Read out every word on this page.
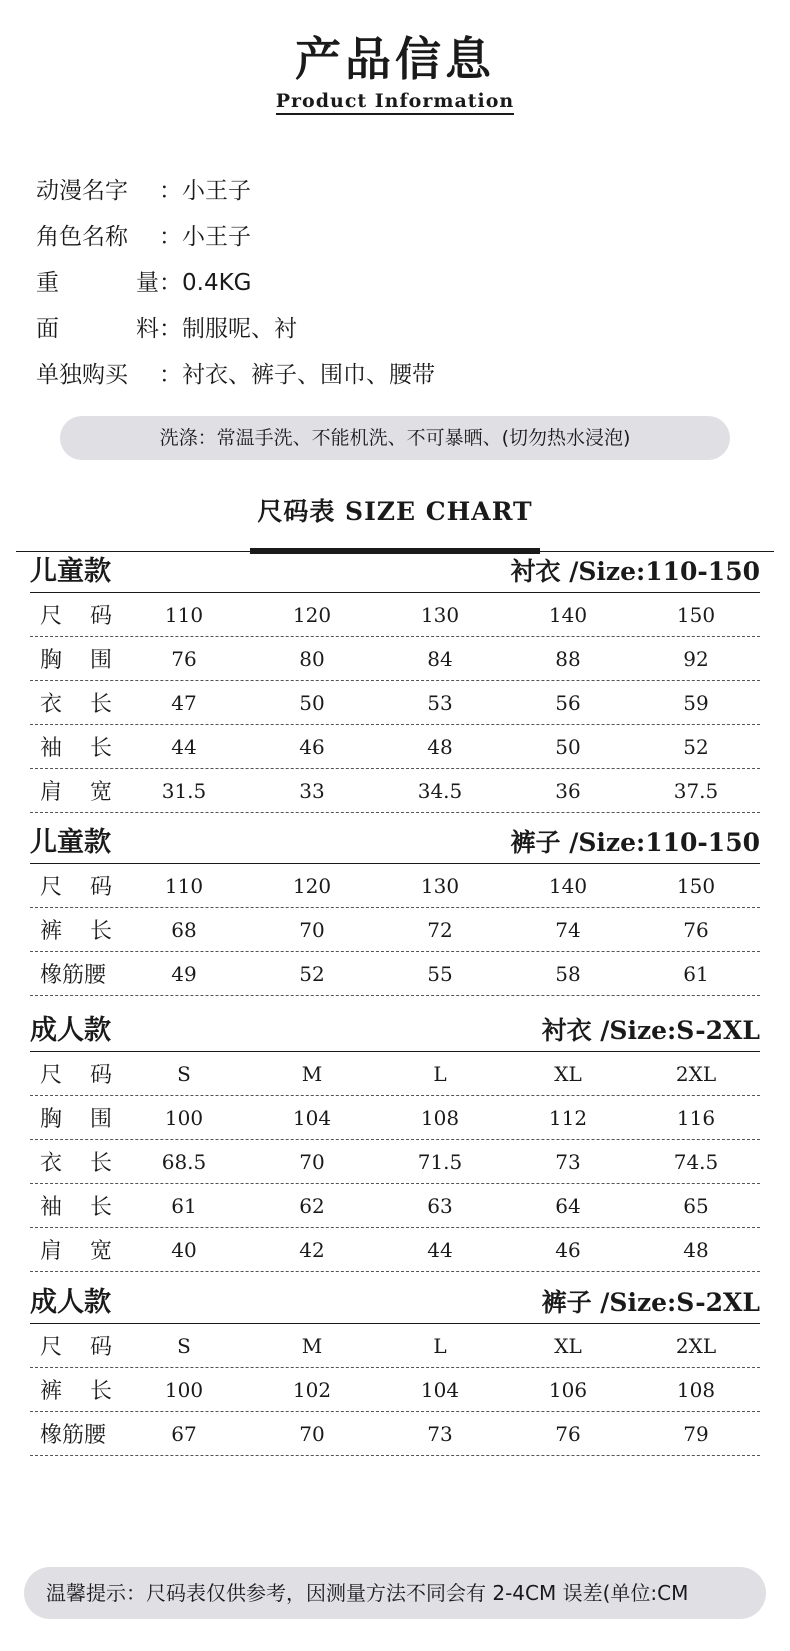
产品信息
Product Information
动漫名字	：小王子
角色名称	：小王子
重	量 ：0.4KG
面	料 ：制服呢、衬
单独购买	：衬衣、裤子、围巾、腰带
洗涤：常温手洗、不能机洗、不可暴晒、(切勿热水浸泡)
尺码表 SIZE CHART
儿童款	衬衣 /Size:110-150
尺 码	110	120	130	140	150
胸 围	76	80	84	88	92
衣 长	47	50	53	56	59
袖 长	44	46	48	50	52
肩 宽	31.5	33	34.5	36	37.5
儿童款	裤子 /Size:110-150
尺 码	110	120	130	140	150
裤 长	68	70	72	74	76
橡筋腰	49	52	55	58	61
成人款	衬衣 /Size:S-2XL
尺 码	S	M	L	XL	2XL
胸 围	100	104	108	112	116
衣 长	68.5	70	71.5	73	74.5
袖 长	61	62	63	64	65
肩 宽	40	42	44	46	48
成人款	裤子 /Size:S-2XL
尺 码	S	M	L	XL	2XL
裤 长	100	102	104	106	108
橡筋腰	67	70	73	76	79
温馨提示：尺码表仅供参考，因测量方法不同会有 2-4CM 误差(单位:CM
